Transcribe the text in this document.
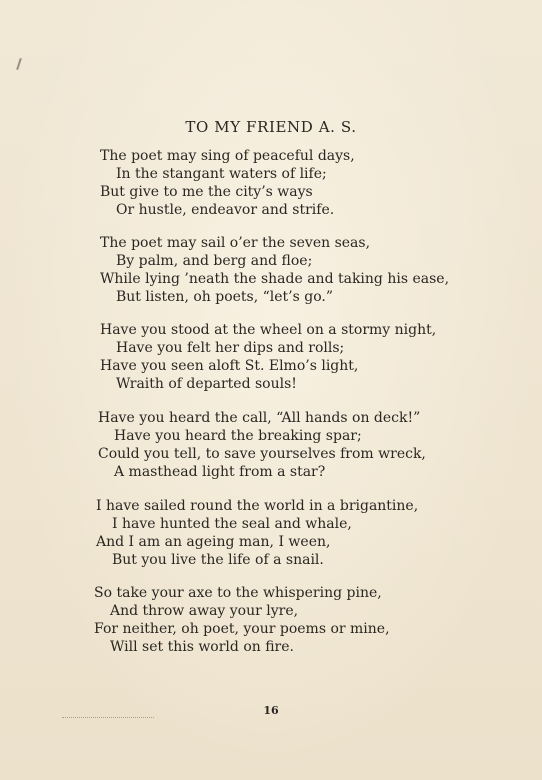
TO MY FRIEND A. S.
The poet may sing of peaceful days,
In the stangant waters of life;
But give to me the city’s ways
Or hustle, endeavor and strife.
The poet may sail o’er the seven seas,
By palm, and berg and floe;
While lying ’neath the shade and taking his ease,
But listen, oh poets, “let’s go.”
Have you stood at the wheel on a stormy night,
Have you felt her dips and rolls;
Have you seen aloft St. Elmo’s light,
Wraith of departed souls!
Have you heard the call, “All hands on deck!”
Have you heard the breaking spar;
Could you tell, to save yourselves from wreck,
A masthead light from a star?
I have sailed round the world in a brigantine,
I have hunted the seal and whale,
And I am an ageing man, I ween,
But you live the life of a snail.
So take your axe to the whispering pine,
And throw away your lyre,
For neither, oh poet, your poems or mine,
Will set this world on fire.
16
